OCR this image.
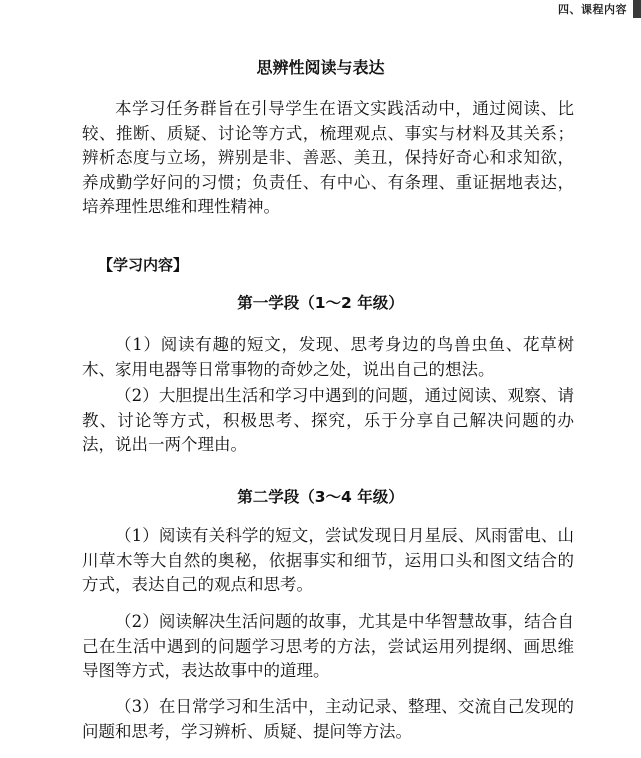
四、课程内容
思辨性阅读与表达

本学习任务群旨在引导学生在语文实践活动中，通过阅读、比较、推断、质疑、讨论等方式，梳理观点、事实与材料及其关系；辨析态度与立场，辨别是非、善恶、美丑，保持好奇心和求知欲，养成勤学好问的习惯；负责任、有中心、有条理、重证据地表达，培养理性思维和理性精神。

【学习内容】
第一学段（1～2 年级）

（1）阅读有趣的短文，发现、思考身边的鸟兽虫鱼、花草树木、家用电器等日常事物的奇妙之处，说出自己的想法。

（2）大胆提出生活和学习中遇到的问题，通过阅读、观察、请教、讨论等方式，积极思考、探究，乐于分享自己解决问题的办法，说出一两个理由。

第二学段（3～4 年级）

（1）阅读有关科学的短文，尝试发现日月星辰、风雨雷电、山川草木等大自然的奥秘，依据事实和细节，运用口头和图文结合的方式，表达自己的观点和思考。

（2）阅读解决生活问题的故事，尤其是中华智慧故事，结合自己在生活中遇到的问题学习思考的方法，尝试运用列提纲、画思维导图等方式，表达故事中的道理。

（3）在日常学习和生活中，主动记录、整理、交流自己发现的问题和思考，学习辨析、质疑、提问等方法。
